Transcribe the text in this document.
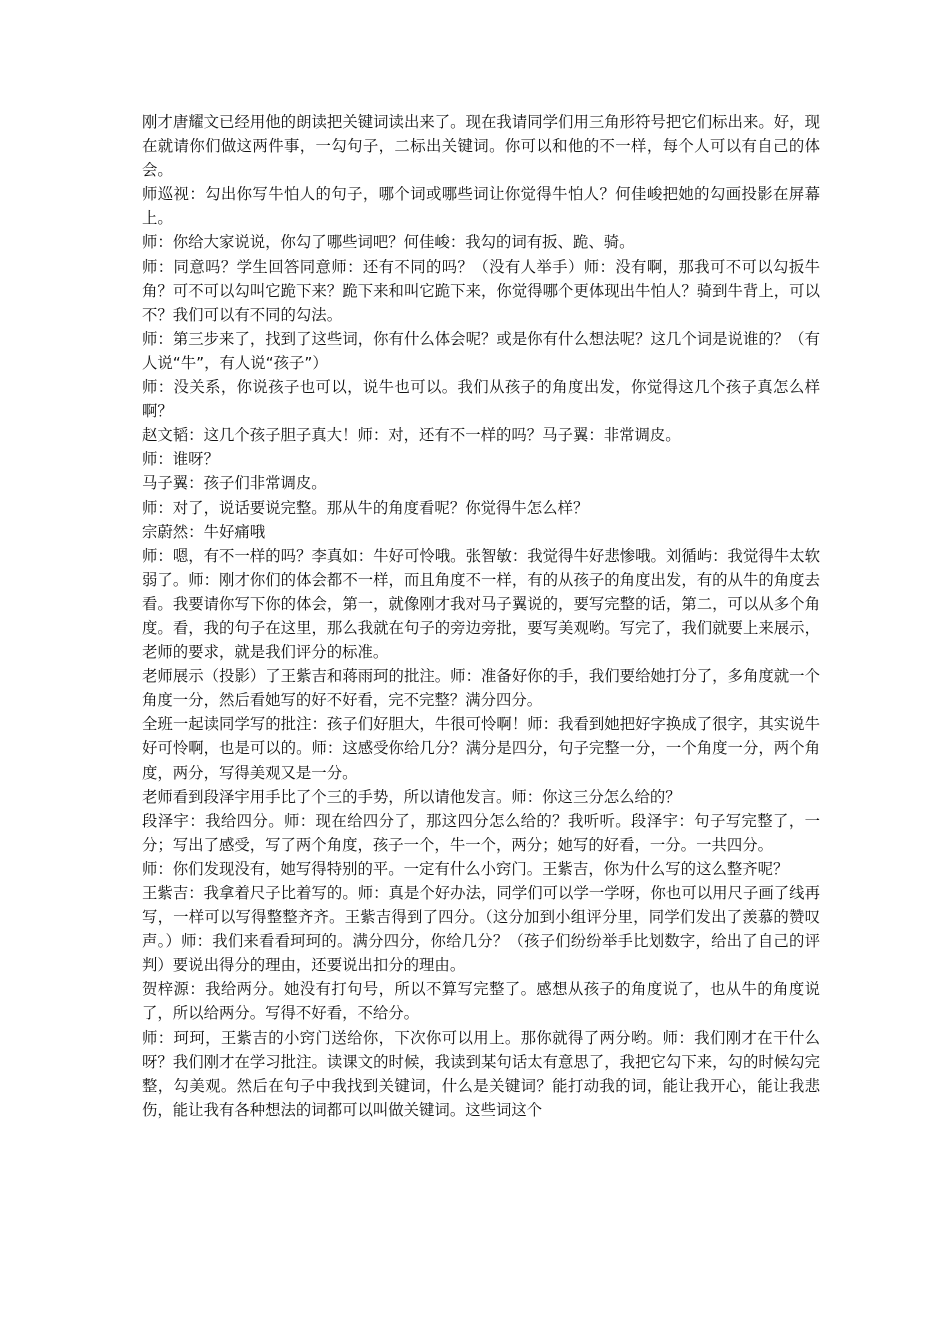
刚才唐耀文已经用他的朗读把关键词读出来了。现在我请同学们用三角形符号把它们标出来。好，现在就请你们做这两件事，一勾句子，二标出关键词。你可以和他的不一样，每个人可以有自己的体会。

师巡视：勾出你写牛怕人的句子，哪个词或哪些词让你觉得牛怕人？何佳峻把她的勾画投影在屏幕上。

师：你给大家说说，你勾了哪些词吧？何佳峻：我勾的词有扳、跪、骑。

师：同意吗？学生回答同意师：还有不同的吗？（没有人举手）师：没有啊，那我可不可以勾扳牛角？可不可以勾叫它跪下来？跪下来和叫它跪下来，你觉得哪个更体现出牛怕人？骑到牛背上，可以不？我们可以有不同的勾法。

师：第三步来了，找到了这些词，你有什么体会呢？或是你有什么想法呢？这几个词是说谁的？（有人说“牛”，有人说“孩子”）

师：没关系，你说孩子也可以，说牛也可以。我们从孩子的角度出发，你觉得这几个孩子真怎么样啊？

赵文韬：这几个孩子胆子真大！师：对，还有不一样的吗？马子翼：非常调皮。

师：谁呀？

马子翼：孩子们非常调皮。

师：对了，说话要说完整。那从牛的角度看呢？你觉得牛怎么样？

宗蔚然：牛好痛哦

师：嗯，有不一样的吗？李真如：牛好可怜哦。张智敏：我觉得牛好悲惨哦。刘循屿：我觉得牛太软弱了。师：刚才你们的体会都不一样，而且角度不一样，有的从孩子的角度出发，有的从牛的角度去看。我要请你写下你的体会，第一，就像刚才我对马子翼说的，要写完整的话，第二，可以从多个角度。看，我的句子在这里，那么我就在句子的旁边旁批，要写美观哟。写完了，我们就要上来展示，老师的要求，就是我们评分的标准。

老师展示（投影）了王紫吉和蒋雨珂的批注。师：准备好你的手，我们要给她打分了，多角度就一个角度一分，然后看她写的好不好看，完不完整？满分四分。

全班一起读同学写的批注：孩子们好胆大，牛很可怜啊！师：我看到她把好字换成了很字，其实说牛好可怜啊，也是可以的。师：这感受你给几分？满分是四分，句子完整一分，一个角度一分，两个角度，两分，写得美观又是一分。

老师看到段泽宇用手比了个三的手势，所以请他发言。师：你这三分怎么给的？

段泽宇：我给四分。师：现在给四分了，那这四分怎么给的？我听听。段泽宇：句子写完整了，一分；写出了感受，写了两个角度，孩子一个，牛一个，两分；她写的好看，一分。一共四分。

师：你们发现没有，她写得特别的平。一定有什么小窍门。王紫吉，你为什么写的这么整齐呢？

王紫吉：我拿着尺子比着写的。师：真是个好办法，同学们可以学一学呀，你也可以用尺子画了线再写，一样可以写得整整齐齐。王紫吉得到了四分。（这分加到小组评分里，同学们发出了羡慕的赞叹声。）师：我们来看看珂珂的。满分四分，你给几分？（孩子们纷纷举手比划数字，给出了自己的评判）要说出得分的理由，还要说出扣分的理由。

贺梓源：我给两分。她没有打句号，所以不算写完整了。感想从孩子的角度说了，也从牛的角度说了，所以给两分。写得不好看，不给分。

师：珂珂，王紫吉的小窍门送给你，下次你可以用上。那你就得了两分哟。师：我们刚才在干什么呀？我们刚才在学习批注。读课文的时候，我读到某句话太有意思了，我把它勾下来，勾的时候勾完整，勾美观。然后在句子中我找到关键词，什么是关键词？能打动我的词，能让我开心，能让我悲伤，能让我有各种想法的词都可以叫做关键词。这些词这个
